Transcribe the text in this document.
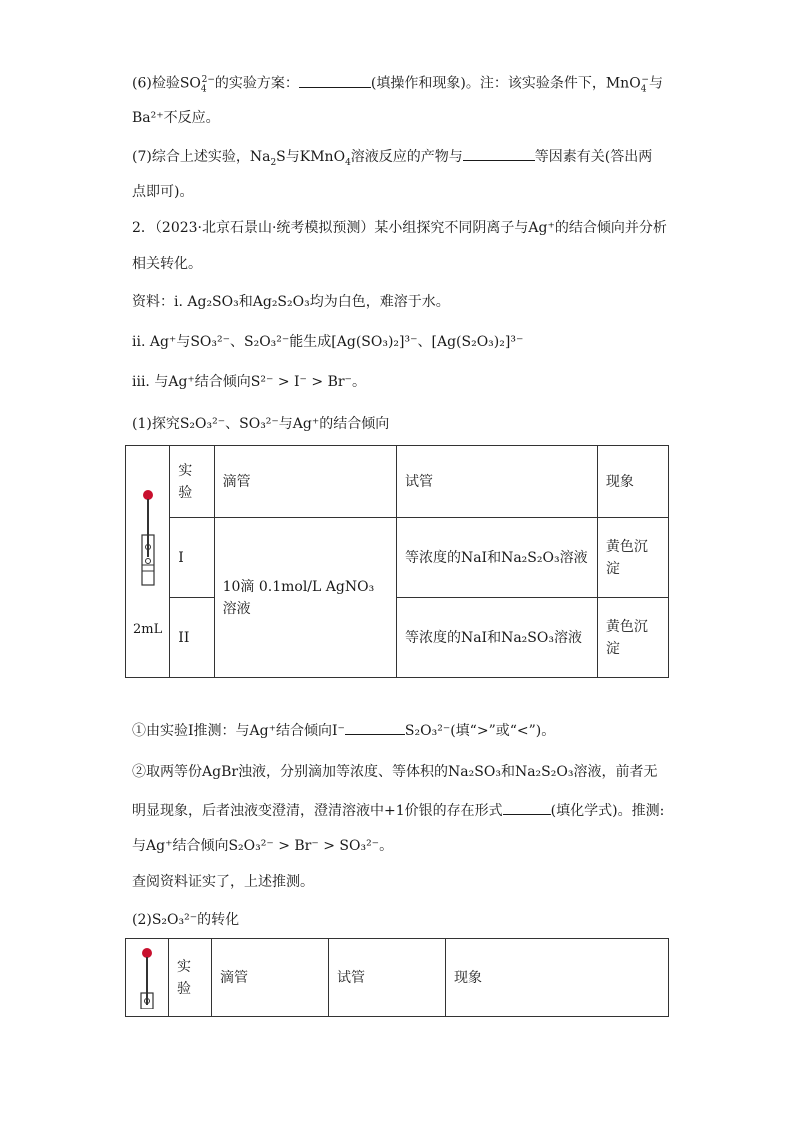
(6)检验$SO_4^{2-}$的实验方案：	(填操作和现象)。注：该实验条件下，MnO$_4$−与
Ba²⁺不反应。
(7)综合上述实验，$Na_2S$与KMnO$_4$溶液反应的产物与	等因素有关(答出两
点即可)。
2．（2023·北京石景山·统考模拟预测）某小组探究不同阴离子与Ag⁺的结合倾向并分析
相关转化。
资料：i. Ag₂SO₃和Ag₂S₂O₃均为白色，难溶于水。
ii. Ag⁺与SO₃²⁻、S₂O₃²⁻能生成[Ag(SO₃)₂]³⁻、[Ag(S₂O₃)₂]³⁻
iii. 与Ag⁺结合倾向S²⁻ > I⁻ > Br⁻。
(1)探究S₂O₃²⁻、SO₃²⁻与Ag⁺的结合倾向
2mL	实
验	滴管	试管	现象
	I	10滴 0.1mol/L AgNO₃溶液	等浓度的NaI和Na₂S₂O₃溶液	黄色沉淀
	II		等浓度的NaI和Na₂SO₃溶液	黄色沉淀
①由实验I推测：与Ag⁺结合倾向I⁻	S₂O₃²⁻(填“>”或“<”)。
②取两等份AgBr浊液，分别滴加等浓度、等体积的Na₂SO₃和Na₂S₂O₃溶液，前者无
明显现象，后者浊液变澄清，澄清溶液中+1价银的存在形式	(填化学式)。推测:
与Ag⁺结合倾向S₂O₃²⁻ > Br⁻ > SO₃²⁻。
查阅资料证实了，上述推测。
(2)S₂O₃²⁻的转化

实
验
	滴管	试管	现象
